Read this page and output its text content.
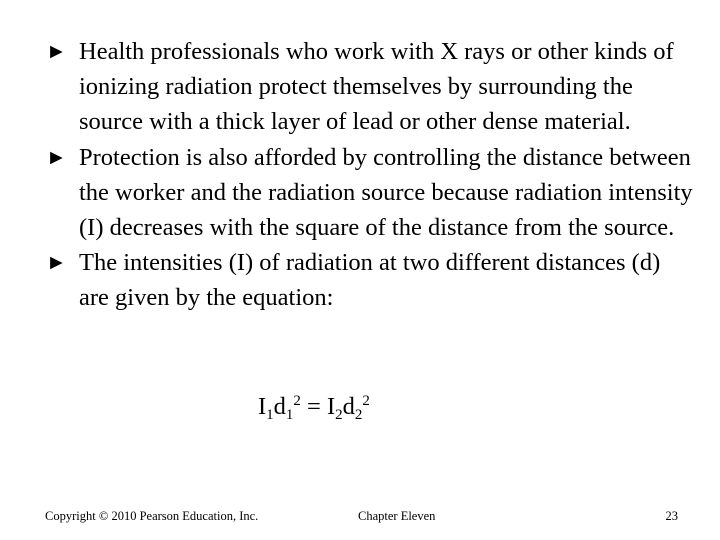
► Health professionals who work with X rays or other kinds of ionizing radiation protect themselves by surrounding the source with a thick layer of lead or other dense material.
► Protection is also afforded by controlling the distance between the worker and the radiation source because radiation intensity (I) decreases with the square of the distance from the source.
► The intensities (I) of radiation at two different distances (d) are given by the equation:
$I_1d_1^2 = I_2d_2^2$
Copyright © 2010 Pearson Education, Inc.	Chapter Eleven	23
